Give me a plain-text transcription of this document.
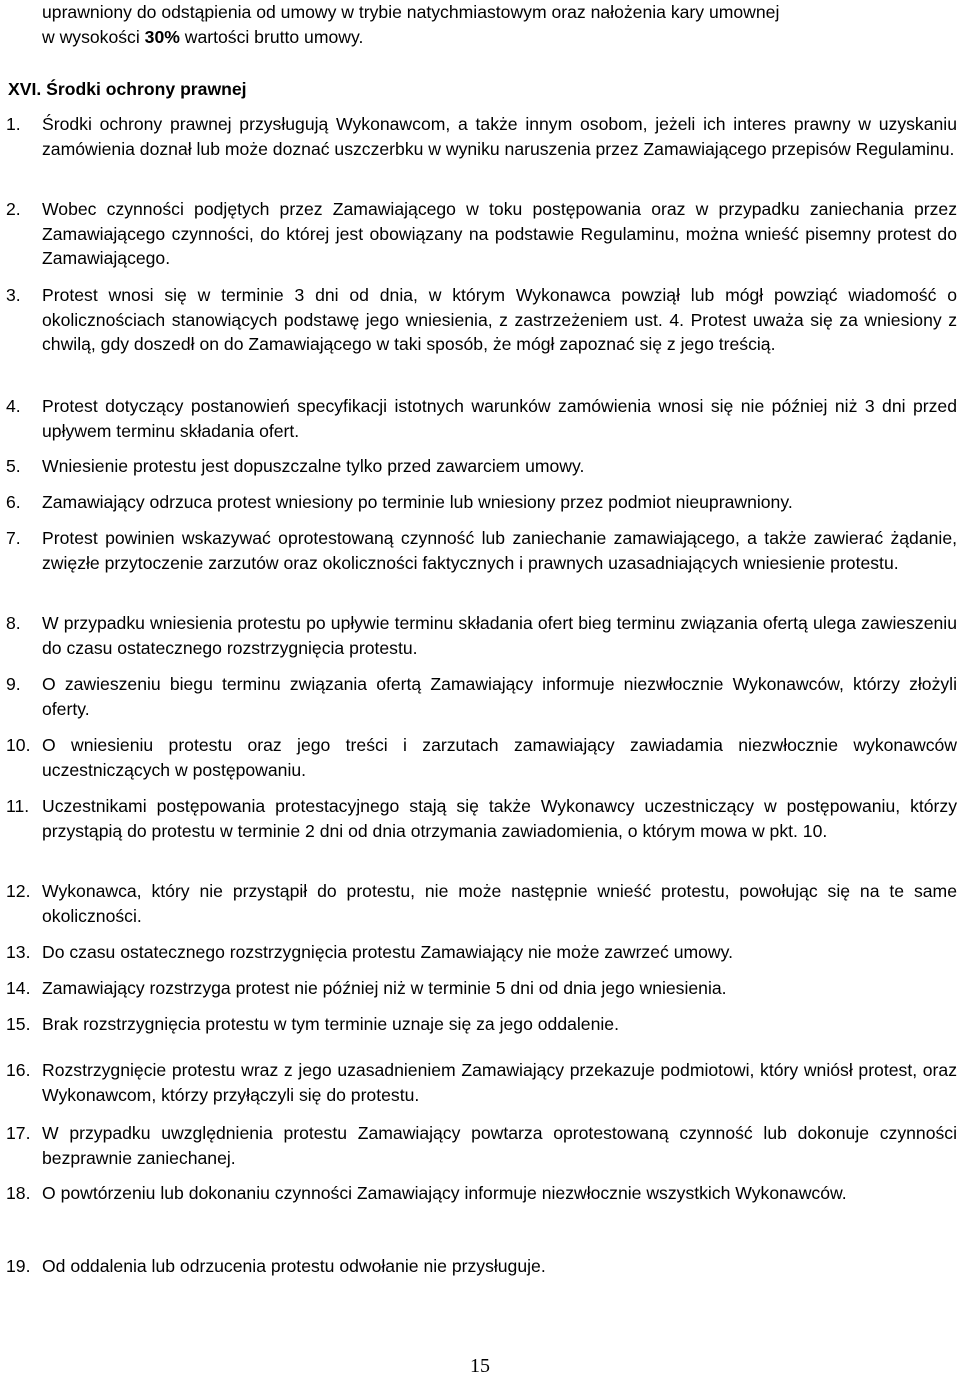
uprawniony do odstąpienia od umowy w trybie natychmiastowym oraz nałożenia kary umownej
w wysokości 30% wartości brutto umowy.
XVI. Środki ochrony prawnej
1. Środki ochrony prawnej przysługują Wykonawcom, a także innym osobom, jeżeli ich interes prawny w uzyskaniu zamówienia doznał lub może doznać uszczerbku w wyniku naruszenia przez Zamawiającego przepisów Regulaminu.
2. Wobec czynności podjętych przez Zamawiającego w toku postępowania oraz w przypadku zaniechania przez Zamawiającego czynności, do której jest obowiązany na podstawie Regulaminu, można wnieść pisemny protest do Zamawiającego.
3. Protest wnosi się w terminie 3 dni od dnia, w którym Wykonawca powziął lub mógł powziąć wiadomość o okolicznościach stanowiących podstawę jego wniesienia, z zastrzeżeniem ust. 4. Protest uważa się za wniesiony z chwilą, gdy doszedł on do Zamawiającego w taki sposób, że mógł zapoznać się z jego treścią.
4. Protest dotyczący postanowień specyfikacji istotnych warunków zamówienia wnosi się nie później niż 3 dni przed upływem terminu składania ofert.
5. Wniesienie protestu jest dopuszczalne tylko przed zawarciem umowy.
6. Zamawiający odrzuca protest wniesiony po terminie lub wniesiony przez podmiot nieuprawniony.
7. Protest powinien wskazywać oprotestowaną czynność lub zaniechanie zamawiającego, a także zawierać żądanie, zwięzłe przytoczenie zarzutów oraz okoliczności faktycznych i prawnych uzasadniających wniesienie protestu.
8. W przypadku wniesienia protestu po upływie terminu składania ofert bieg terminu związania ofertą ulega zawieszeniu do czasu ostatecznego rozstrzygnięcia protestu.
9. O zawieszeniu biegu terminu związania ofertą Zamawiający informuje niezwłocznie Wykonawców, którzy złożyli oferty.
10. O wniesieniu protestu oraz jego treści i zarzutach zamawiający zawiadamia niezwłocznie wykonawców uczestniczących w postępowaniu.
11. Uczestnikami postępowania protestacyjnego stają się także Wykonawcy uczestniczący w postępowaniu, którzy przystąpią do protestu w terminie 2 dni od dnia otrzymania zawiadomienia, o którym mowa w pkt. 10.
12. Wykonawca, który nie przystąpił do protestu, nie może następnie wnieść protestu, powołując się na te same okoliczności.
13. Do czasu ostatecznego rozstrzygnięcia protestu Zamawiający nie może zawrzeć umowy.
14. Zamawiający rozstrzyga protest nie później niż w terminie 5 dni od dnia jego wniesienia.
15. Brak rozstrzygnięcia protestu w tym terminie uznaje się za jego oddalenie.
16. Rozstrzygnięcie protestu wraz z jego uzasadnieniem Zamawiający przekazuje podmiotowi, który wniósł protest, oraz Wykonawcom, którzy przyłączyli się do protestu.
17. W przypadku uwzględnienia protestu Zamawiający powtarza oprotestowaną czynność lub dokonuje czynności bezprawnie zaniechanej.
18. O powtórzeniu lub dokonaniu czynności Zamawiający informuje niezwłocznie wszystkich Wykonawców.
19. Od oddalenia lub odrzucenia protestu odwołanie nie przysługuje.
15
